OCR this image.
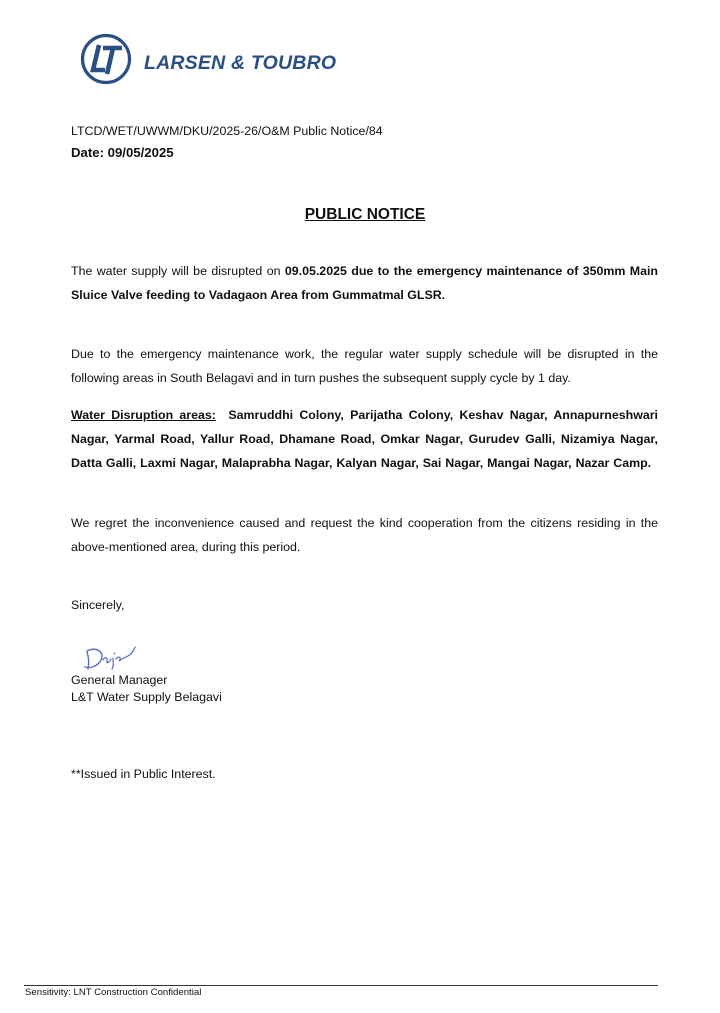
LARSEN & TOUBRO
LTCD/WET/UWWM/DKU/2025-26/O&M Public Notice/84
Date: 09/05/2025
PUBLIC NOTICE
The water supply will be disrupted on 09.05.2025 due to the emergency maintenance of 350mm Main Sluice Valve feeding to Vadagaon Area from Gummatmal GLSR.
Due to the emergency maintenance work, the regular water supply schedule will be disrupted in the following areas in South Belagavi and in turn pushes the subsequent supply cycle by 1 day.
Water Disruption areas: Samruddhi Colony, Parijatha Colony, Keshav Nagar, Annapurneshwari Nagar, Yarmal Road, Yallur Road, Dhamane Road, Omkar Nagar, Gurudev Galli, Nizamiya Nagar, Datta Galli, Laxmi Nagar, Malaprabha Nagar, Kalyan Nagar, Sai Nagar, Mangai Nagar, Nazar Camp.
We regret the inconvenience caused and request the kind cooperation from the citizens residing in the above-mentioned area, during this period.
Sincerely,
General Manager
L&T Water Supply Belagavi
**Issued in Public Interest.
Sensitivity: LNT Construction Confidential
